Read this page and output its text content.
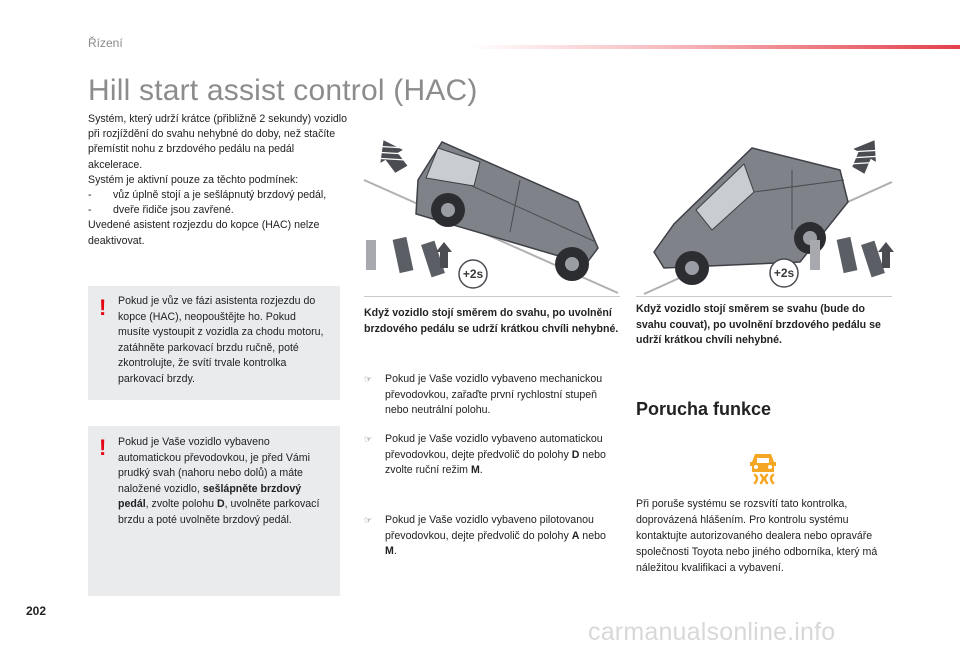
Řízení
Hill start assist control (HAC)

Systém, který udrží krátce (přibližně 2 sekundy) vozidlo při rozjíždění do svahu nehybné do doby, než stačíte přemístit nohu z brzdového pedálu na pedál akcelerace.

Systém je aktivní pouze za těchto podmínek:

-	vůz úplně stojí a je sešlápnutý brzdový pedál,
-	dveře řidiče jsou zavřené.

Uvedené asistent rozjezdu do kopce (HAC) nelze deaktivovat.

! Pokud je vůz ve fázi asistenta rozjezdu do kopce (HAC), neopouštějte ho. Pokud musíte vystoupit z vozidla za chodu motoru, zatáhněte parkovací brzdu ručně, poté zkontrolujte, že svítí trvale kontrolka parkovací brzdy.
! Pokud je Vaše vozidlo vybaveno automatickou převodovkou, je před Vámi prudký svah (nahoru nebo dolů) a máte naložené vozidlo, sešlápněte brzdový pedál, zvolte polohu D, uvolněte parkovací brzdu a poté uvolněte brzdový pedál.
+2s	+2s
Když vozidlo stojí směrem do svahu, po uvolnění brzdového pedálu se udrží krátkou chvíli nehybné.
Když vozidlo stojí směrem se svahu (bude do svahu couvat), po uvolnění brzdového pedálu se udrží krátkou chvíli nehybné.
☞ Pokud je Vaše vozidlo vybaveno mechanickou převodovkou, zařaďte první rychlostní stupeň nebo neutrální polohu.
☞ Pokud je Vaše vozidlo vybaveno automatickou převodovkou, dejte předvolič do polohy D nebo zvolte ruční režim M.
☞ Pokud je Vaše vozidlo vybaveno pilotovanou převodovkou, dejte předvolič do polohy A nebo M.
Porucha funkce
Při poruše systému se rozsvítí tato kontrolka, doprovázená hlášením. Pro kontrolu systému kontaktujte autorizovaného dealera nebo opraváře společnosti Toyota nebo jiného odborníka, který má náležitou kvalifikaci a vybavení.
202
carmanualsonline.info
